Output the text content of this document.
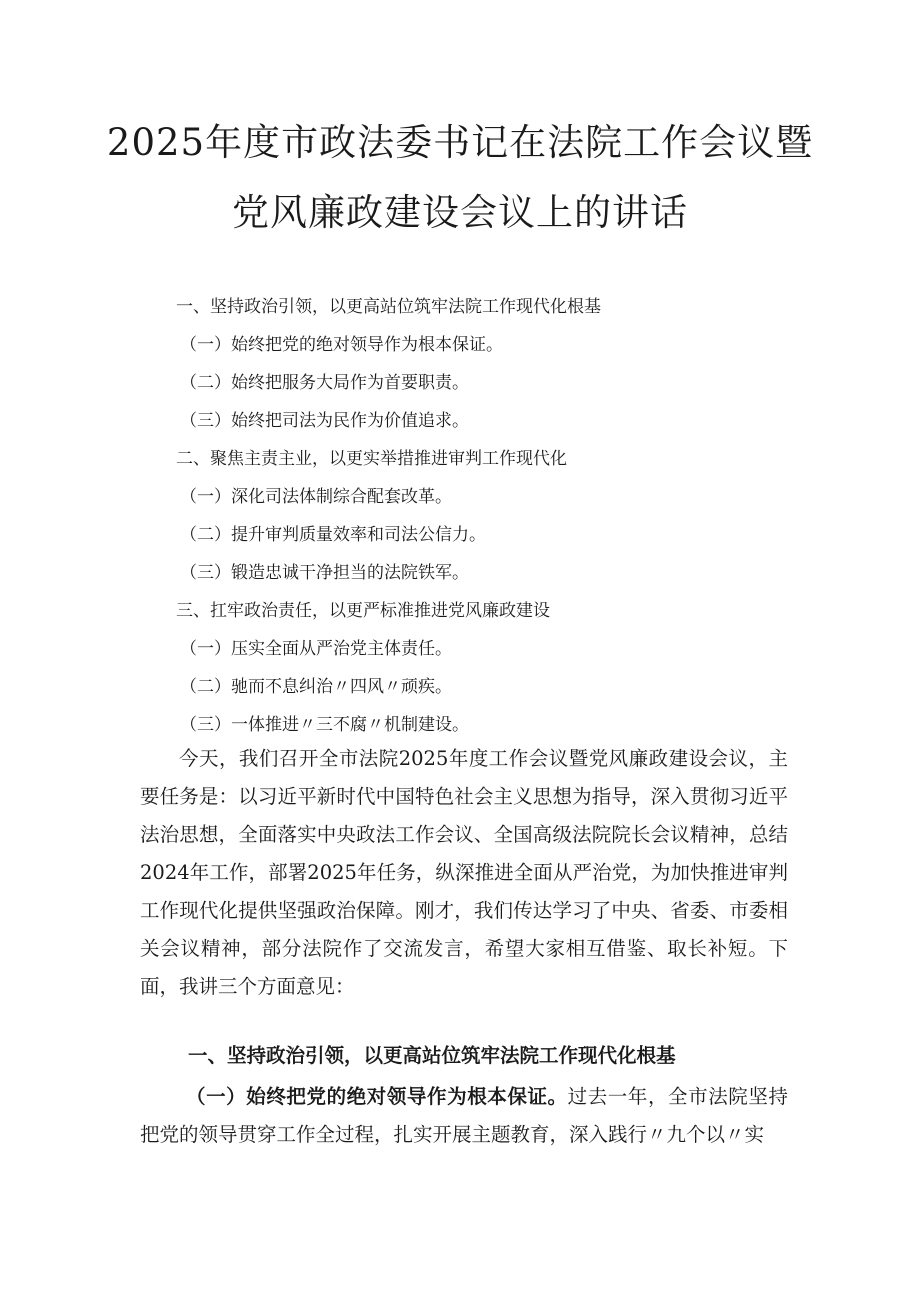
2025年度市政法委书记在法院工作会议暨
党风廉政建设会议上的讲话
一、坚持政治引领，以更高站位筑牢法院工作现代化根基
（一）始终把党的绝对领导作为根本保证。
（二）始终把服务大局作为首要职责。
（三）始终把司法为民作为价值追求。
二、聚焦主责主业，以更实举措推进审判工作现代化
（一）深化司法体制综合配套改革。
（二）提升审判质量效率和司法公信力。
（三）锻造忠诚干净担当的法院铁军。
三、扛牢政治责任，以更严标准推进党风廉政建设
（一）压实全面从严治党主体责任。
（二）驰而不息纠治〃四风〃顽疾。
（三）一体推进〃三不腐〃机制建设。
今天，我们召开全市法院2025年度工作会议暨党风廉政建设会议，主要任务是：以习近平新时代中国特色社会主义思想为指导，深入贯彻习近平法治思想，全面落实中央政法工作会议、全国高级法院院长会议精神，总结2024年工作，部署2025年任务，纵深推进全面从严治党，为加快推进审判工作现代化提供坚强政治保障。刚才，我们传达学习了中央、省委、市委相关会议精神，部分法院作了交流发言，希望大家相互借鉴、取长补短。下面，我讲三个方面意见：
一、坚持政治引领，以更高站位筑牢法院工作现代化根基
（一）始终把党的绝对领导作为根本保证。过去一年，全市法院坚持把党的领导贯穿工作全过程，扎实开展主题教育，深入践行〃九个以〃实
